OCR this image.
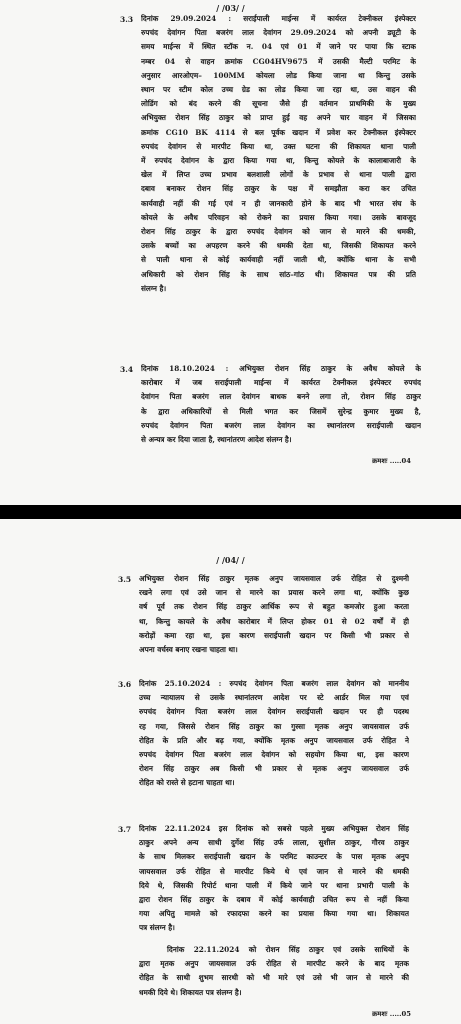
/ /03/ /
3.3 दिनांक 29.09.2024 : सराईपाली माईन्स में कार्यरत टेक्नीकल इंस्पेक्टर
रुपचंद देवांगन पिता बजरंग लाल देवांगन 29.09.2024 को अपनी ड्यूटी के
समय माईन्स में स्थित स्टॉक न. 04 एवं 01 में जाने पर पाया कि स्टाक
नम्बर 04 से वाहन क्रमांक CG04HV9675 में उसकी मैल्टी परमिट के
अनुसार आरओएम– 100MM कोयला लोड किया जाना था किन्तु उसके
स्थान पर स्टीम कोल उच्च ग्रेड का लोड किया जा रहा था, उस वाहन की
लोडिंग को बंद करने की सूचना जैसे ही वर्तमान प्राथमिकी के मुख्य
अभियुक्त रोशन सिंह ठाकुर को प्राप्त हुई वह अपने चार वाहन में जिसका
क्रमांक CG10 BK 4114 से बल पूर्वक खदान में प्रवेश कर टेक्नीकल इंस्पेक्टर
रुपचंद देवांगन से मारपीट किया था, उक्त घटना की शिकायत थाना पाली
में रुपचंद देवांगन के द्वारा किया गया था, किन्तु कोयले के कालाबाजारी के
खेल में लिप्त उच्च प्रभाव बलशाली लोगों के प्रभाव से थाना पाली द्वारा
दबाव बनाकर रोशन सिंह ठाकुर के पक्ष में समझौता करा कर उचित
कार्यवाही नहीं की गई एवं न ही जानकारी होने के बाद भी भारत संघ के
कोयले के अवैध परिवहन को रोकने का प्रयास किया गया। उसके बावजूद
रोशन सिंह ठाकुर के द्वारा रुपचंद देवांगन को जान से मारने की धमकी,
उसके बच्चों का अपहरण करने की धमकी देता था, जिसकी शिकायत करने
से पाली थाना से कोई कार्यवाही नहीं जाती थी, क्योंकि थाना के सभी
अधिकारी को रोशन सिंह के साथ सांठ–गांठ थी। शिकायत पत्र की प्रति
संलग्न है।
3.4 दिनांक 18.10.2024 : अभियुक्त रोशन सिंह ठाकुर के अवैध कोयले के
कारोबार में जब सराईपाली माईन्स में कार्यरत टेक्नीकल इंस्पेक्टर रुपचंद
देवांगन पिता बजरंग लाल देवांगन बाधक बनने लगा तो, रोशन सिंह ठाकुर
के द्वारा अधिकारियों से मिली भगत कर जिसमें सुरेन्द्र कुमार मुख्य है,
रुपचंद देवांगन पिता बजरंग लाल देवांगन का स्थानांतरण सराईपाली खदान
से अन्यत्र कर दिया जाता है, स्थानांतरण आदेश संलग्न है।
क्रमशः .....04
/ /04/ /
3.5 अभियुक्त रोशन सिंह ठाकुर मृतक अनुप जायसवाल उर्फ रोहित से दुश्मनी
रखने लगा एवं उसे जान से मारने का प्रयास करने लगा था, क्योंकि कुछ
वर्ष पूर्व तक रोशन सिंह ठाकुर आर्थिक रूप से बहुत कमजोर हुआ करता
था, किन्तु कायले के अवैध कारोबार में लिप्त होकर 01 से 02 वर्षों में ही
करोड़ों कमा रहा था, इस कारण सराईपाली खदान पर किसी भी प्रकार से
अपना वर्चस्व बनाए रखना चाहता था।
3.6 दिनांक 25.10.2024 : रुपचंद देवांगन पिता बजरंग लाल देवांगन को माननीय
उच्च न्यायालय से उसके स्थानांतरण आदेश पर स्टे आर्डर मिल गया एवं
रुपचंद देवांगन पिता बजरंग लाल देवांगन सराईपाली खदान पर ही पदस्थ
रह गया, जिससे रोशन सिंह ठाकुर का गुस्सा मृतक अनुप जायसवाल उर्फ
रोहित के प्रति और बढ़ गया, क्योंकि मृतक अनुप जायसवाल उर्फ रोहित ने
रुपचंद देवांगन पिता बजरंग लाल देवांगन को सहयोग किया था, इस कारण
रोशन सिंह ठाकुर अब किसी भी प्रकार से मृतक अनुप जायसवाल उर्फ
रोहित को रास्ते से हटाना चाहता था।
3.7 दिनांक 22.11.2024 इस दिनांक को सबसे पहले मुख्य अभियुक्त रोशन सिंह
ठाकुर अपने अन्य साथी दुर्गेश सिंह उर्फ लाला, सुशील ठाकुर, गौरव ठाकुर
के साथ मिलकर सराईपाली खदान के परमिट काउन्टर के पास मृतक अनुप
जायसवाल उर्फ रोहित से मारपीट किये थे एवं जान से मारने की धमकी
दिये थे, जिसकी रिपोर्ट थाना पाली में किये जाने पर थाना प्रभारी पाली के
द्वारा रोशन सिंह ठाकुर के दबाव में कोई कार्यवाही उचित रूप से नहीं किया
गया अपितु मामले को रफादफा करने का प्रयास किया गया था। शिकायत
पत्र संलग्न है।
दिनांक 22.11.2024 को रोशन सिंह ठाकुर एवं उसके साथियों के
द्वारा मृतक अनुप जायसवाल उर्फ रोहित से मारपीट करने के बाद मृतक
रोहित के साथी शुभम सारथी को भी मारे एवं उसे भी जान से मारने की
धमकी दिये थे। शिकायत पत्र संलग्न है।
क्रमशः .....05
